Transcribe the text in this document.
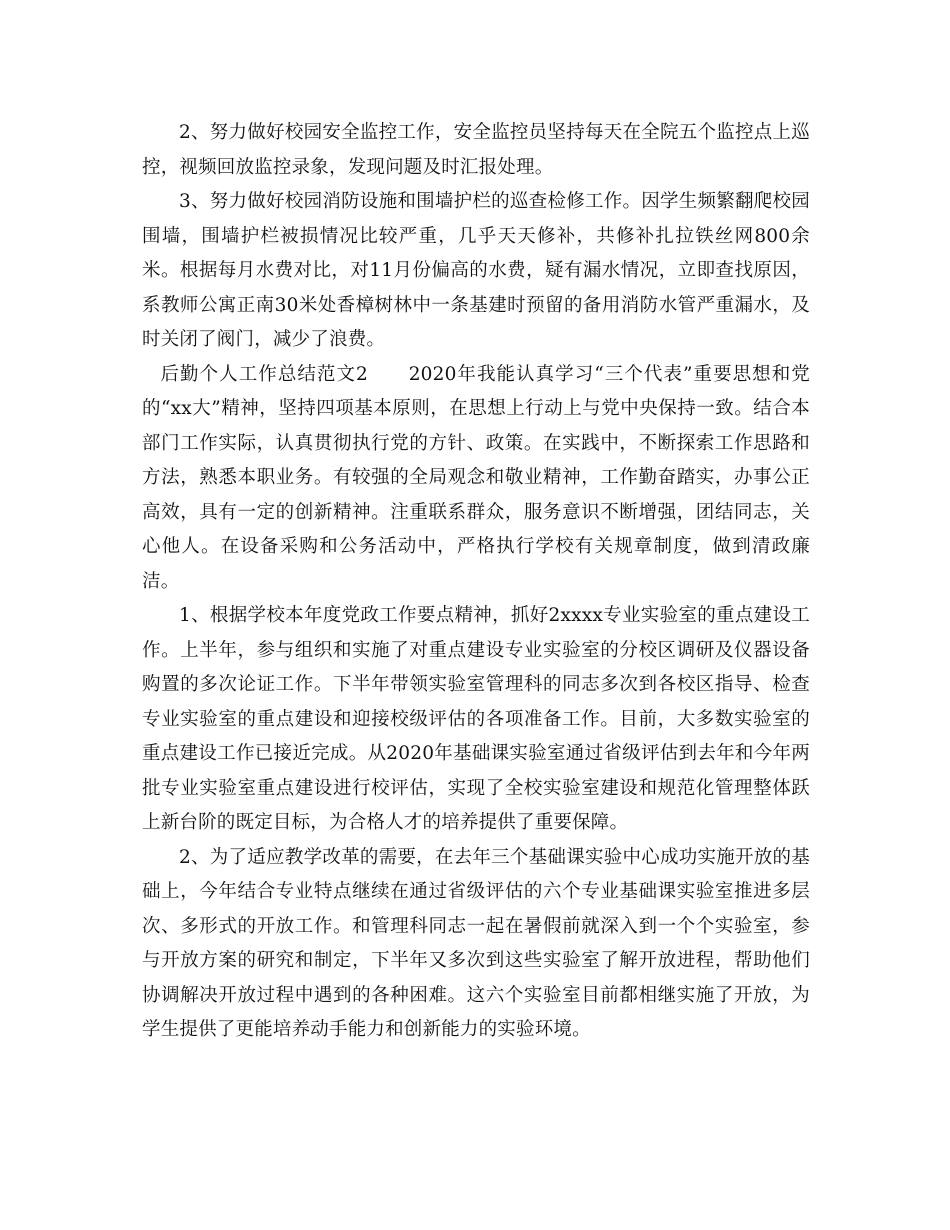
2、努力做好校园安全监控工作，安全监控员坚持每天在全院五个监控点上巡控，视频回放监控录象，发现问题及时汇报处理。

3、努力做好校园消防设施和围墙护栏的巡查检修工作。因学生频繁翻爬校园围墙，围墙护栏被损情况比较严重，几乎天天修补，共修补扎拉铁丝网800余米。根据每月水费对比，对11月份偏高的水费，疑有漏水情况，立即查找原因，系教师公寓正南30米处香樟树林中一条基建时预留的备用消防水管严重漏水，及时关闭了阀门，减少了浪费。

后勤个人工作总结范文2 2020年我能认真学习“三个代表”重要思想和党的“xx大”精神，坚持四项基本原则，在思想上行动上与党中央保持一致。结合本部门工作实际，认真贯彻执行党的方针、政策。在实践中，不断探索工作思路和方法，熟悉本职业务。有较强的全局观念和敬业精神，工作勤奋踏实，办事公正高效，具有一定的创新精神。注重联系群众，服务意识不断增强，团结同志，关心他人。在设备采购和公务活动中，严格执行学校有关规章制度，做到清政廉洁。

1、根据学校本年度党政工作要点精神，抓好2xxxx专业实验室的重点建设工作。上半年，参与组织和实施了对重点建设专业实验室的分校区调研及仪器设备购置的多次论证工作。下半年带领实验室管理科的同志多次到各校区指导、检查专业实验室的重点建设和迎接校级评估的各项准备工作。目前，大多数实验室的重点建设工作已接近完成。从2020年基础课实验室通过省级评估到去年和今年两批专业实验室重点建设进行校评估，实现了全校实验室建设和规范化管理整体跃上新台阶的既定目标，为合格人才的培养提供了重要保障。

2、为了适应教学改革的需要，在去年三个基础课实验中心成功实施开放的基础上，今年结合专业特点继续在通过省级评估的六个专业基础课实验室推进多层次、多形式的开放工作。和管理科同志一起在暑假前就深入到一个个实验室，参与开放方案的研究和制定，下半年又多次到这些实验室了解开放进程，帮助他们协调解决开放过程中遇到的各种困难。这六个实验室目前都相继实施了开放，为学生提供了更能培养动手能力和创新能力的实验环境。
